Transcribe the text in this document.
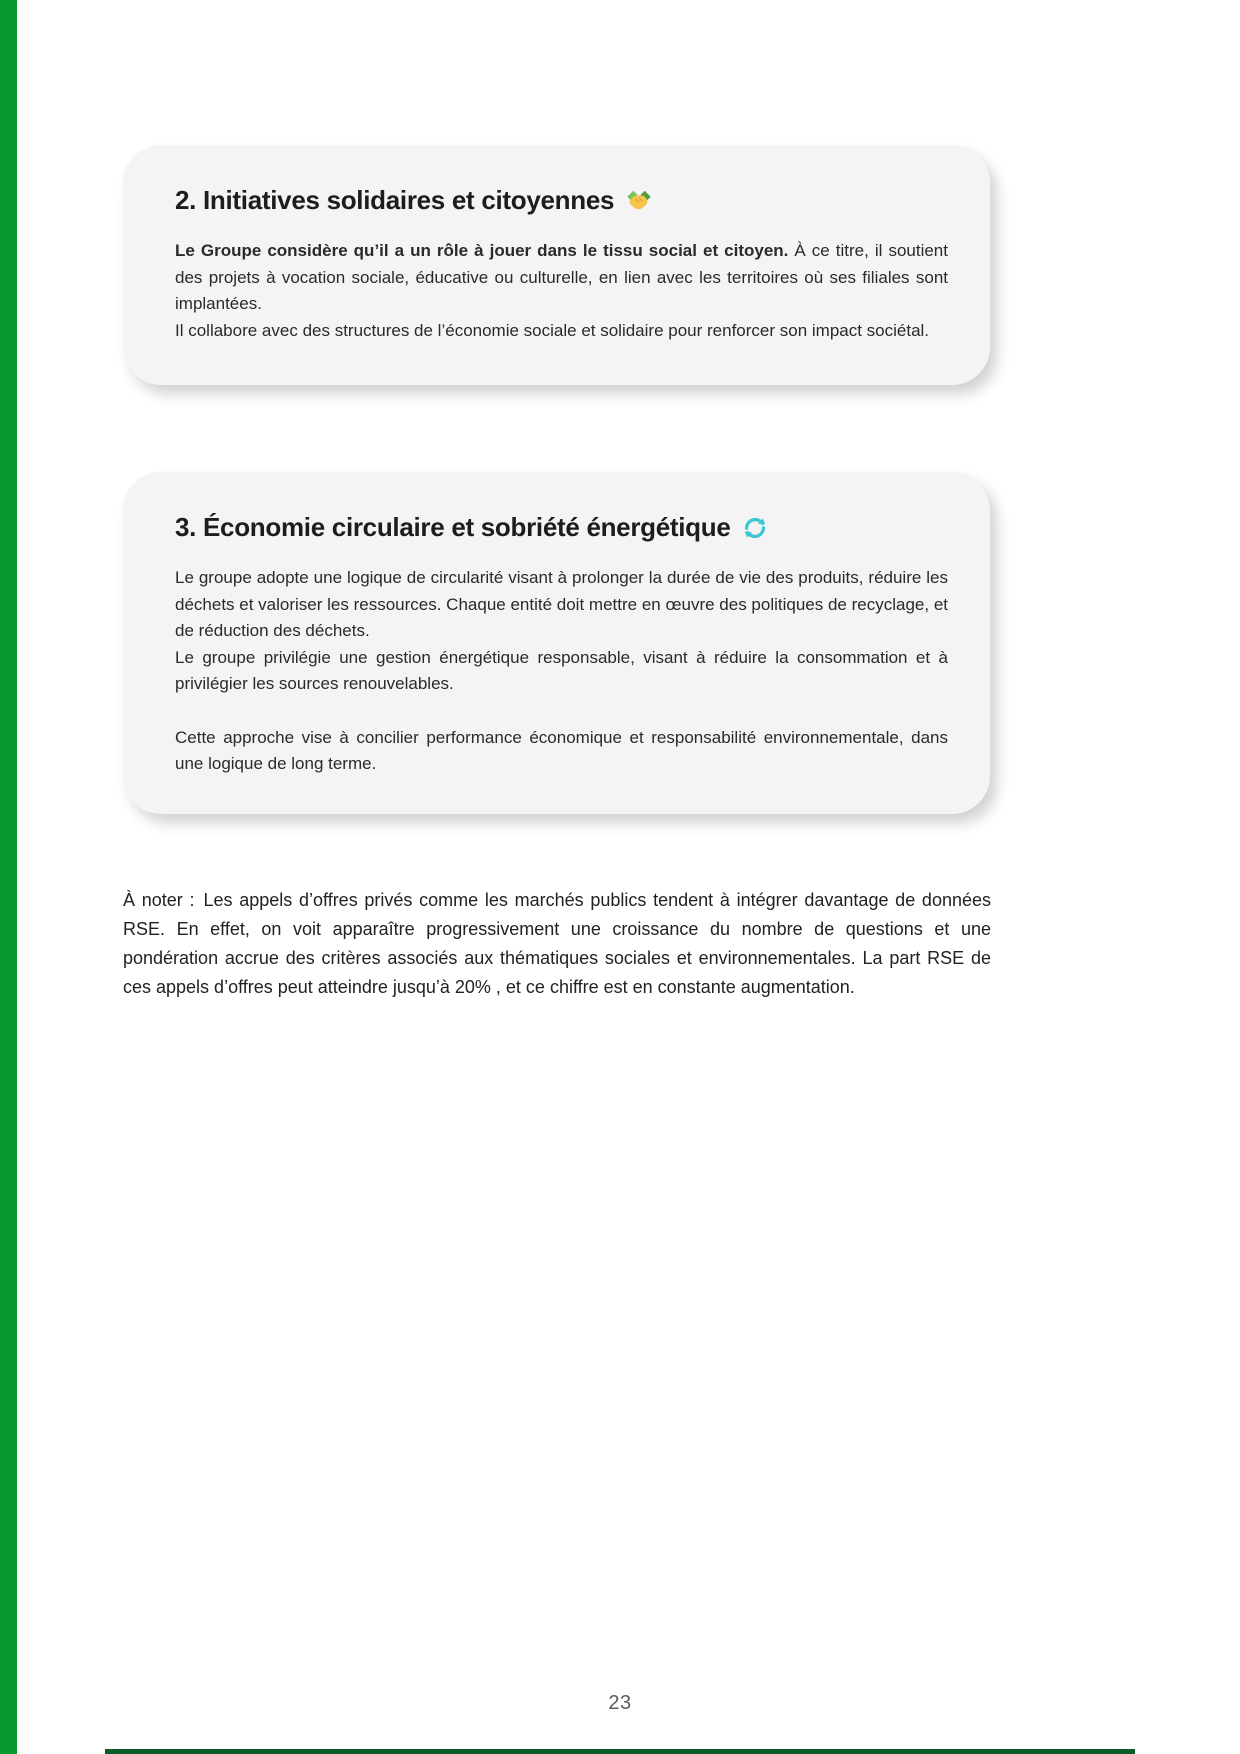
2. Initiatives solidaires et citoyennes

Le Groupe considère qu’il a un rôle à jouer dans le tissu social et citoyen. À ce titre, il soutient des projets à vocation sociale, éducative ou culturelle, en lien avec les territoires où ses filiales sont implantées.

Il collabore avec des structures de l’économie sociale et solidaire pour renforcer son impact sociétal.

3. Économie circulaire et sobriété énergétique

Le groupe adopte une logique de circularité visant à prolonger la durée de vie des produits, réduire les déchets et valoriser les ressources. Chaque entité doit mettre en œuvre des politiques de recyclage, et de réduction des déchets.

Le groupe privilégie une gestion énergétique responsable, visant à réduire la consommation et à privilégier les sources renouvelables.

Cette approche vise à concilier performance économique et responsabilité environnementale, dans une logique de long terme.

À noter : Les appels d’offres privés comme les marchés publics tendent à intégrer davantage de données RSE. En effet, on voit apparaître progressivement une croissance du nombre de questions et une pondération accrue des critères associés aux thématiques sociales et environnementales. La part RSE de ces appels d’offres peut atteindre jusqu’à 20% , et ce chiffre est en constante augmentation.

23
